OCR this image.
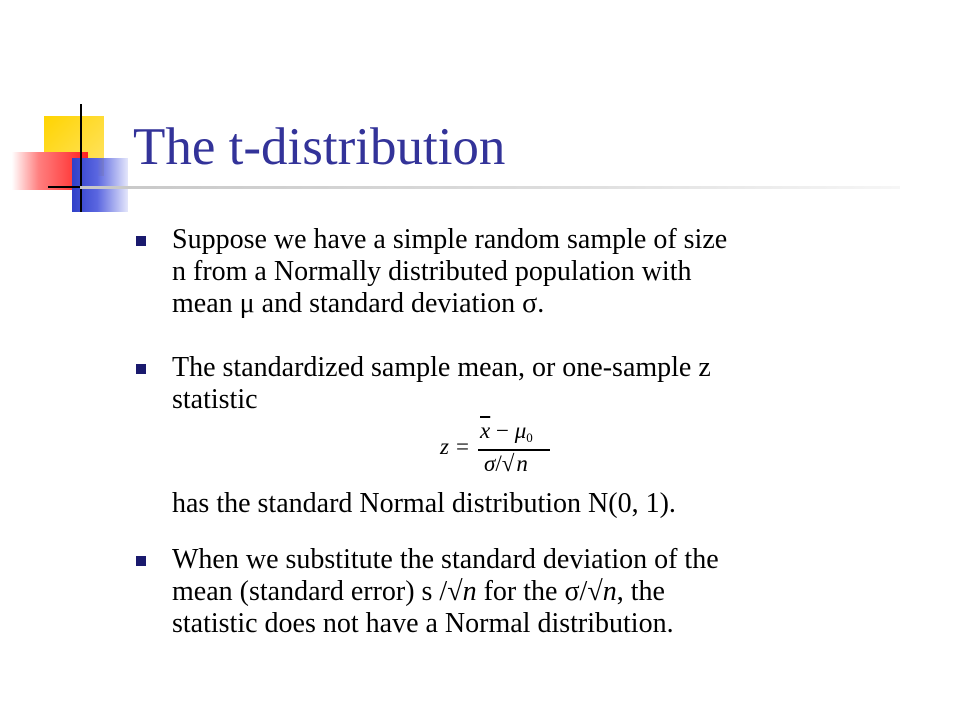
The t-distribution
Suppose we have a simple random sample of size
n from a Normally distributed population with
mean μ and standard deviation σ.
The standardized sample mean, or one-sample z
statistic
z =
$\overline{x} - \mu 0$
σ/√n
has the standard Normal distribution N(0, 1).
When we substitute the standard deviation of the
mean (standard error) s /√n for the σ/√n, the
statistic does not have a Normal distribution.
